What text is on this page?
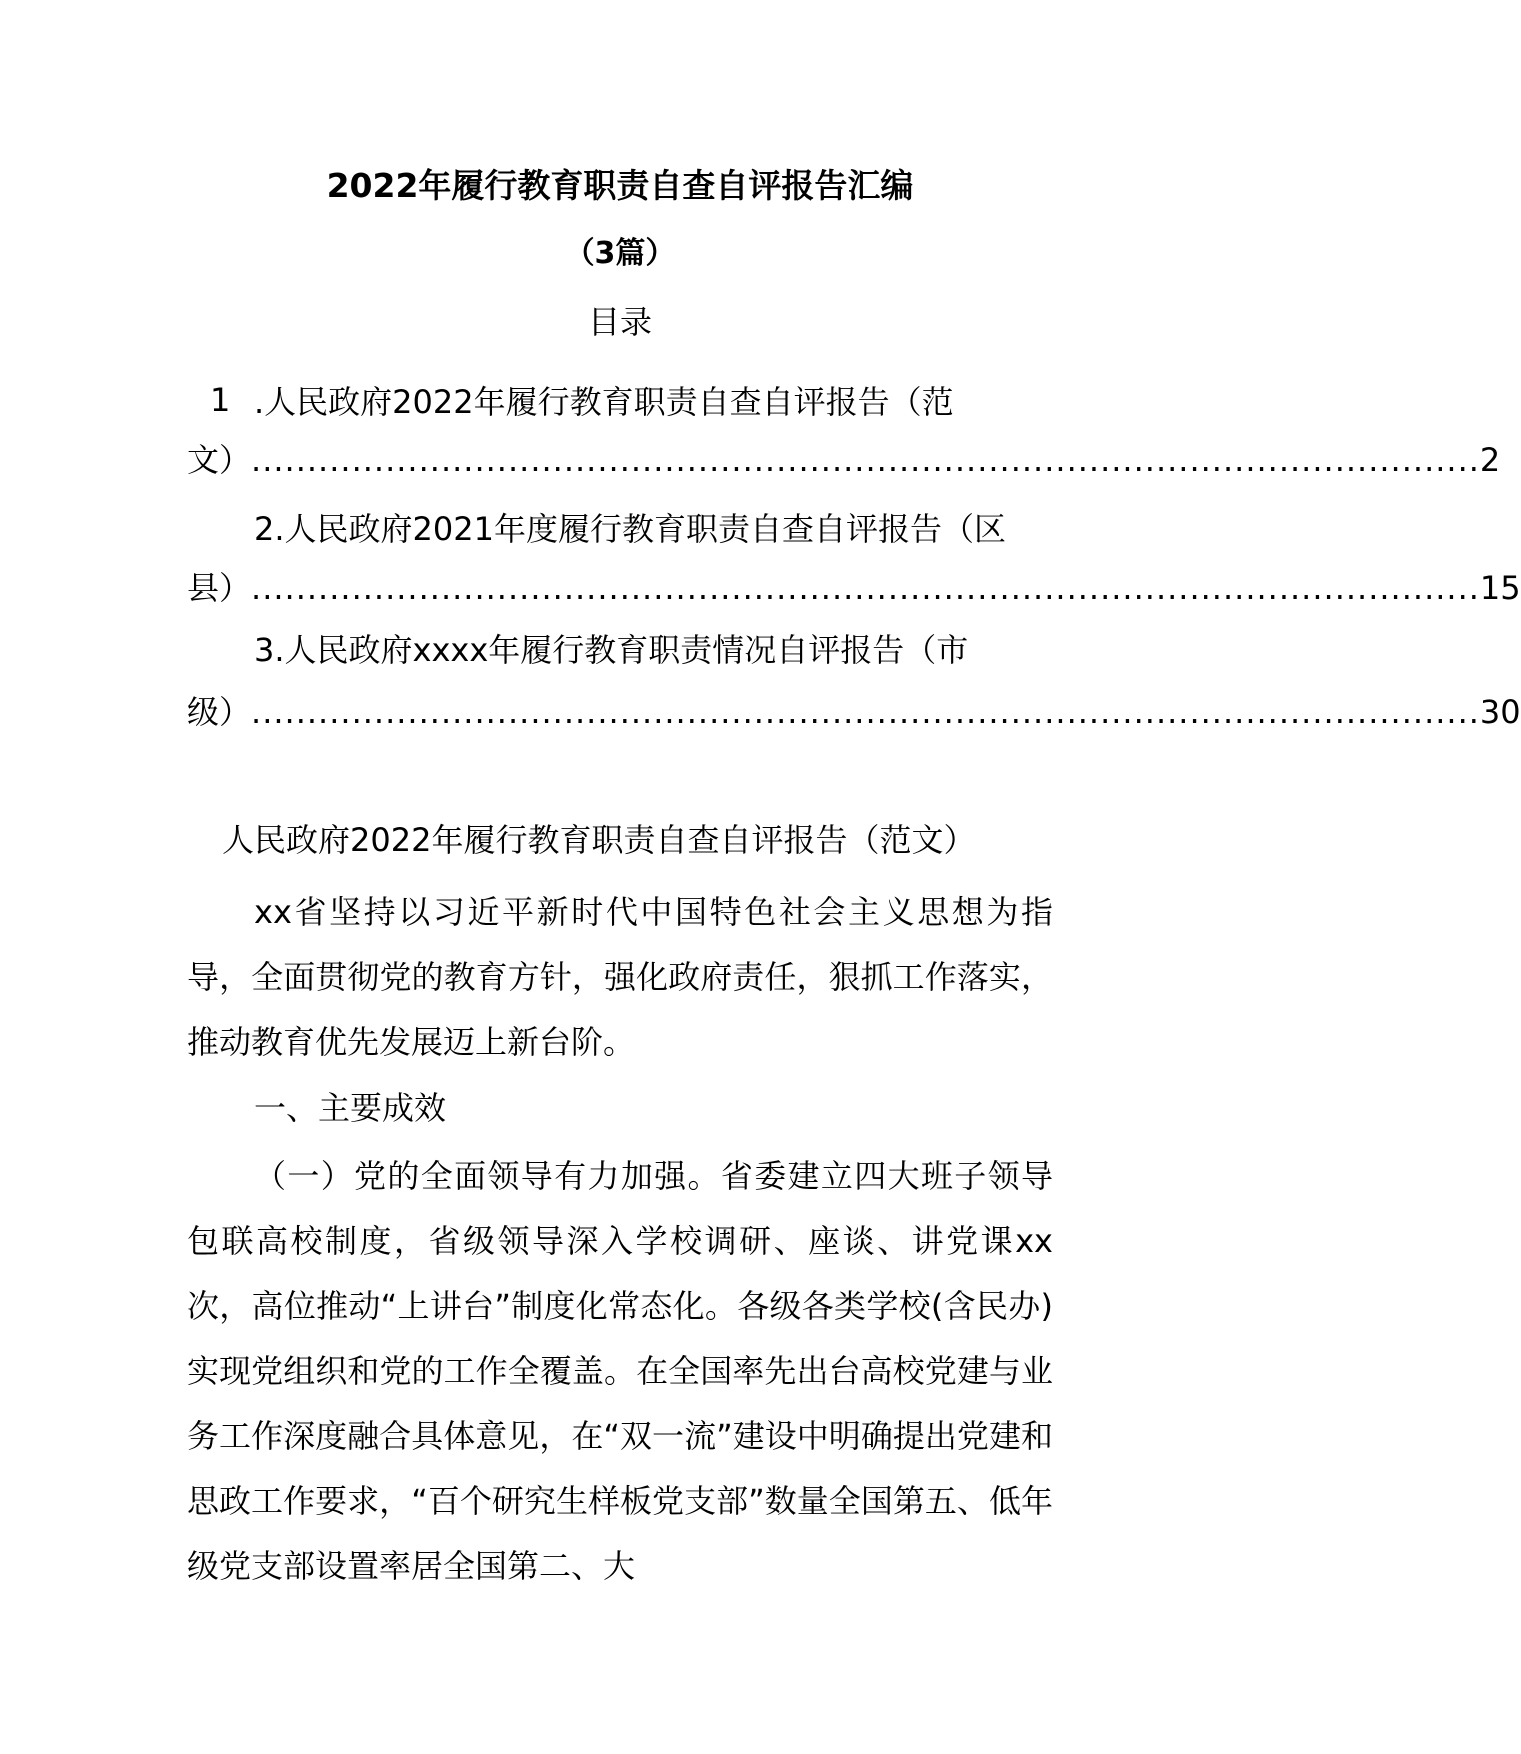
2022年履行教育职责自查自评报告汇编
（3篇）
目录
1 .人民政府2022年履行教育职责自查自评报告（范
文） .............................................................................................................. 2
2.人民政府2021年度履行教育职责自查自评报告（区
县） .............................................................................................................. 15
3.人民政府xxxx年履行教育职责情况自评报告（市
级） .............................................................................................................. 30
人民政府2022年履行教育职责自查自评报告（范文）
xx省坚持以习近平新时代中国特色社会主义思想为指导，全面贯彻党的教育方针，强化政府责任，狠抓工作落实，推动教育优先发展迈上新台阶。
一、主要成效
（一）党的全面领导有力加强。省委建立四大班子领导包联高校制度，省级领导深入学校调研、座谈、讲党课xx次，高位推动“上讲台”制度化常态化。各级各类学校(含民办)实现党组织和党的工作全覆盖。在全国率先出台高校党建与业务工作深度融合具体意见，在“双一流”建设中明确提出党建和思政工作要求，“百个研究生样板党支部”数量全国第五、低年级党支部设置率居全国第二、大
